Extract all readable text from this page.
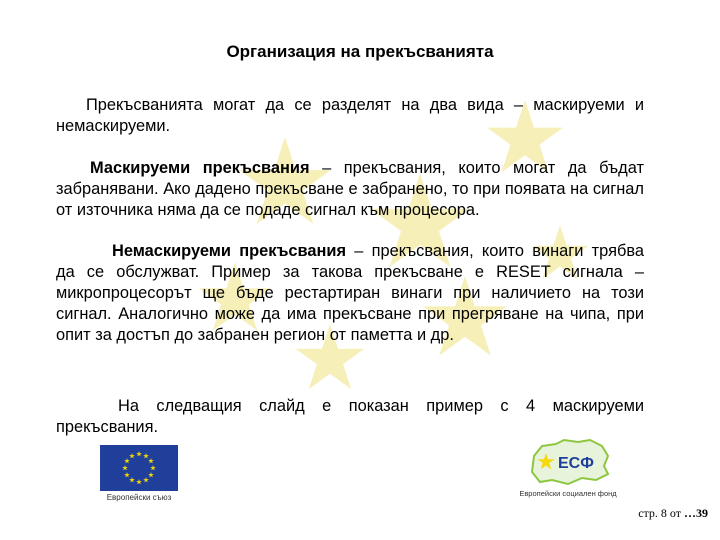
Организация на прекъсванията

Прекъсванията могат да се разделят на два вида – маскируеми и немаскируеми.

Маскируеми прекъсвания – прекъсвания, които могат да бъдат забранявани. Ако дадено прекъсване е забранено, то при появата на сигнал от източника няма да се подаде сигнал към процесора.

Немаскируеми прекъсвания – прекъсвания, които винаги трябва да се обслужват. Пример за такова прекъсване е RESET сигнала – микропроцесорът ще бъде рестартиран винаги при наличието на този сигнал. Аналогично може да има прекъсване при прегряване на чипа, при опит за достъп до забранен регион от паметта и др.

На следващия слайд е показан пример с 4 маскируеми прекъсвания.

Европейски съюз
ЕСФ
Европейски социален фонд
стр. 8 от …39
